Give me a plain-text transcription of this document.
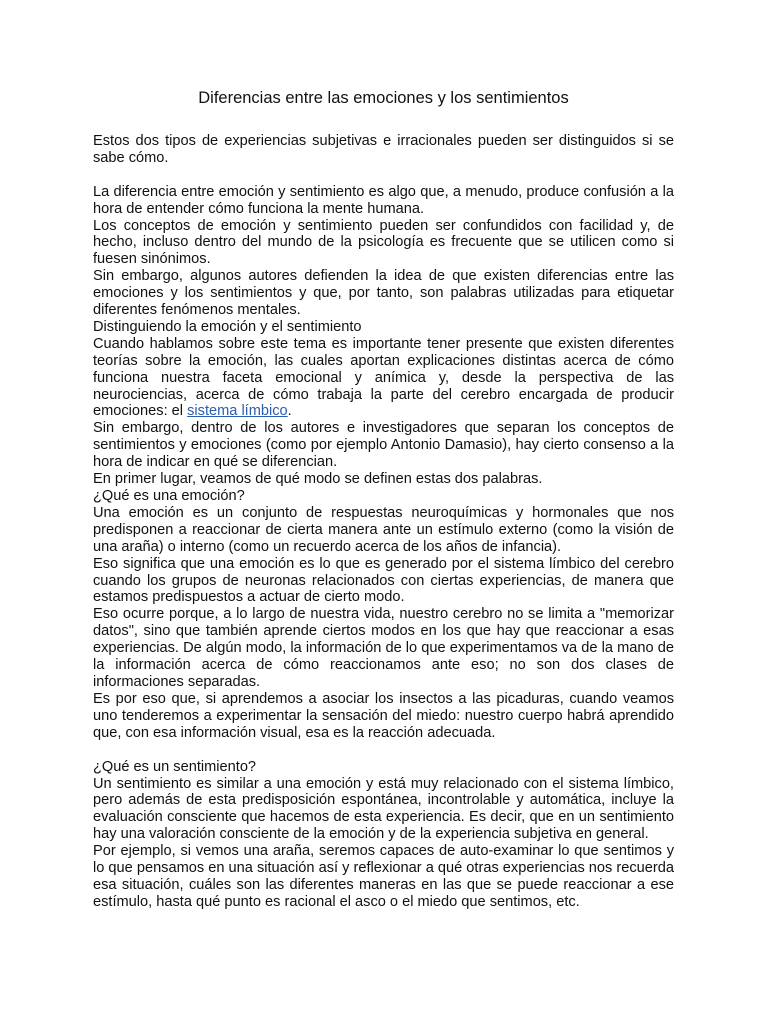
Diferencias entre las emociones y los sentimientos

Estos dos tipos de experiencias subjetivas e irracionales pueden ser distinguidos si se sabe cómo.

La diferencia entre emoción y sentimiento es algo que, a menudo, produce confusión a la hora de entender cómo funciona la mente humana.

Los conceptos de emoción y sentimiento pueden ser confundidos con facilidad y, de hecho, incluso dentro del mundo de la psicología es frecuente que se utilicen como si fuesen sinónimos.

Sin embargo, algunos autores defienden la idea de que existen diferencias entre las emociones y los sentimientos y que, por tanto, son palabras utilizadas para etiquetar diferentes fenómenos mentales.

Distinguiendo la emoción y el sentimiento

Cuando hablamos sobre este tema es importante tener presente que existen diferentes teorías sobre la emoción, las cuales aportan explicaciones distintas acerca de cómo funciona nuestra faceta emocional y anímica y, desde la perspectiva de las neurociencias, acerca de cómo trabaja la parte del cerebro encargada de producir emociones: el sistema límbico.

Sin embargo, dentro de los autores e investigadores que separan los conceptos de sentimientos y emociones (como por ejemplo Antonio Damasio), hay cierto consenso a la hora de indicar en qué se diferencian.

En primer lugar, veamos de qué modo se definen estas dos palabras.

¿Qué es una emoción?

Una emoción es un conjunto de respuestas neuroquímicas y hormonales que nos predisponen a reaccionar de cierta manera ante un estímulo externo (como la visión de una araña) o interno (como un recuerdo acerca de los años de infancia).

Eso significa que una emoción es lo que es generado por el sistema límbico del cerebro cuando los grupos de neuronas relacionados con ciertas experiencias, de manera que estamos predispuestos a actuar de cierto modo.

Eso ocurre porque, a lo largo de nuestra vida, nuestro cerebro no se limita a "memorizar datos", sino que también aprende ciertos modos en los que hay que reaccionar a esas experiencias. De algún modo, la información de lo que experimentamos va de la mano de la información acerca de cómo reaccionamos ante eso; no son dos clases de informaciones separadas.

Es por eso que, si aprendemos a asociar los insectos a las picaduras, cuando veamos uno tenderemos a experimentar la sensación del miedo: nuestro cuerpo habrá aprendido que, con esa información visual, esa es la reacción adecuada.

¿Qué es un sentimiento?

Un sentimiento es similar a una emoción y está muy relacionado con el sistema límbico, pero además de esta predisposición espontánea, incontrolable y automática, incluye la evaluación consciente que hacemos de esta experiencia. Es decir, que en un sentimiento hay una valoración consciente de la emoción y de la experiencia subjetiva en general.

Por ejemplo, si vemos una araña, seremos capaces de auto-examinar lo que sentimos y lo que pensamos en una situación así y reflexionar a qué otras experiencias nos recuerda esa situación, cuáles son las diferentes maneras en las que se puede reaccionar a ese estímulo, hasta qué punto es racional el asco o el miedo que sentimos, etc.
